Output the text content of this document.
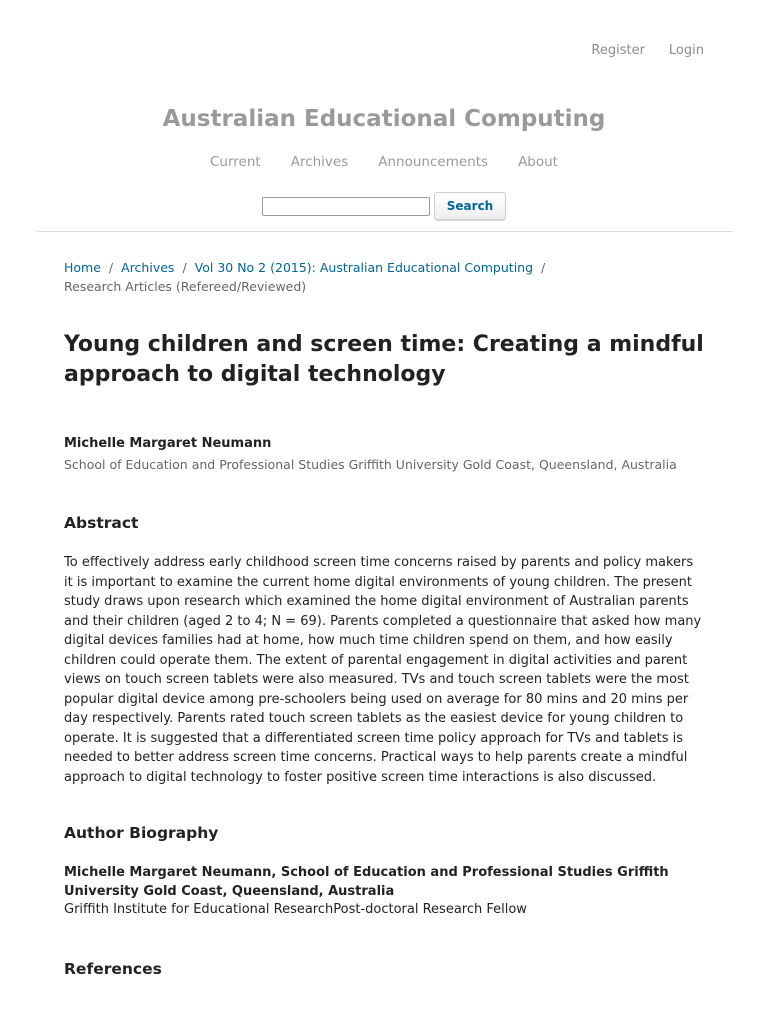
Register Login
Australian Educational Computing
Current Archives Announcements About
Search
Home / Archives / Vol 30 No 2 (2015): Australian Educational Computing /
Research Articles (Refereed/Reviewed)
Young children and screen time: Creating a mindful approach to digital technology
Michelle Margaret Neumann
School of Education and Professional Studies Griffith University Gold Coast, Queensland, Australia
Abstract

To effectively address early childhood screen time concerns raised by parents and policy makers it is important to examine the current home digital environments of young children. The present study draws upon research which examined the home digital environment of Australian parents and their children (aged 2 to 4; N = 69). Parents completed a questionnaire that asked how many digital devices families had at home, how much time children spend on them, and how easily children could operate them. The extent of parental engagement in digital activities and parent views on touch screen tablets were also measured. TVs and touch screen tablets were the most popular digital device among pre-schoolers being used on average for 80 mins and 20 mins per day respectively. Parents rated touch screen tablets as the easiest device for young children to operate. It is suggested that a differentiated screen time policy approach for TVs and tablets is needed to better address screen time concerns. Practical ways to help parents create a mindful approach to digital technology to foster positive screen time interactions is also discussed.

Author Biography

Michelle Margaret Neumann, School of Education and Professional Studies Griffith University Gold Coast, Queensland, Australia

Griffith Institute for Educational ResearchPost-doctoral Research Fellow

References
